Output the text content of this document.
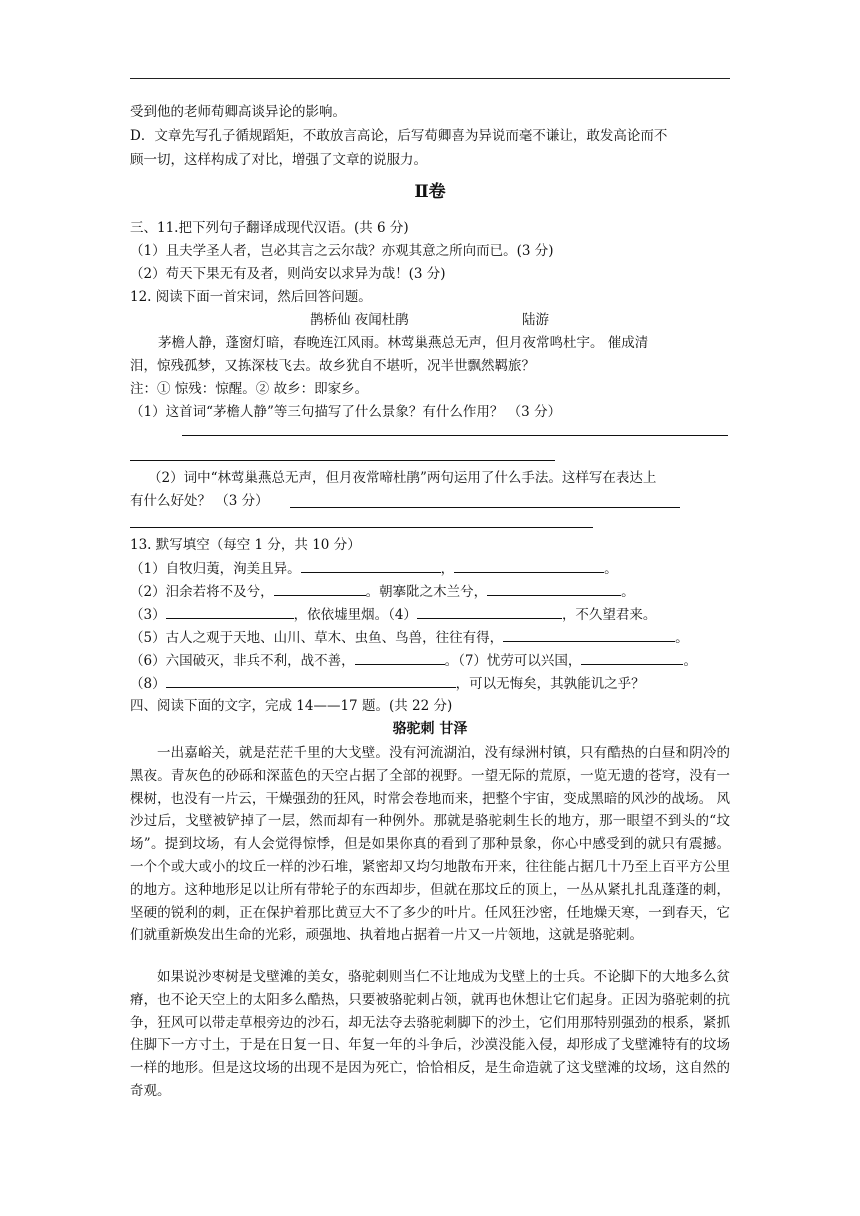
受到他的老师荀卿高谈异论的影响。
D．文章先写孔子循规蹈矩，不敢放言高论，后写荀卿喜为异说而毫不谦让，敢发高论而不
顾一切，这样构成了对比，增强了文章的说服力。
Ⅱ卷
三、11.把下列句子翻译成现代汉语。(共 6 分)
（1）且夫学圣人者，岂必其言之云尔哉？亦观其意之所向而已。(3 分)
（2）苟天下果无有及者，则尚安以求异为哉！(3 分)
12. 阅读下面一首宋词，然后回答问题。
鹊桥仙 夜闻杜鹃	陆游
茅檐人静，蓬窗灯暗，春晚连江风雨。林莺巢燕总无声，但月夜常鸣杜宇。 催成清
泪，惊残孤梦，又拣深枝飞去。故乡犹自不堪听，况半世飘然羁旅？
注：① 惊残：惊醒。② 故乡：即家乡。
（1）这首词“茅檐人静”等三句描写了什么景象？有什么作用？ （3 分）
（2）词中“林莺巢燕总无声，但月夜常啼杜鹃”两句运用了什么手法。这样写在表达上
有什么好处？ （3 分）
13. 默写填空（每空 1 分，共 10 分）
（1）自牧归荑，洵美且异。	，	。
（2）汨余若将不及兮，	。朝搴阰之木兰兮，	。
（3）	，依依墟里烟。（4）	，不久望君来。
（5）古人之观于天地、山川、草木、虫鱼、鸟兽，往往有得，	。
（6）六国破灭，非兵不利，战不善，	。（7）忧劳可以兴国，	。
（8）	，可以无悔矣，其孰能讥之乎？
四、阅读下面的文字，完成 14——17 题。(共 22 分)
骆驼刺 甘泽
一出嘉峪关，就是茫茫千里的大戈壁。没有河流湖泊，没有绿洲村镇，只有酷热的白昼和阴冷的黑夜。青灰色的砂砾和深蓝色的天空占据了全部的视野。一望无际的荒原，一览无遗的苍穹，没有一棵树，也没有一片云，干燥强劲的狂风，时常会卷地而来，把整个宇宙，变成黑暗的风沙的战场。 风沙过后，戈壁被铲掉了一层，然而却有一种例外。那就是骆驼刺生长的地方，那一眼望不到头的“坟场”。提到坟场，有人会觉得惊悸，但是如果你真的看到了那种景象，你心中感受到的就只有震撼。一个个或大或小的坟丘一样的沙石堆，紧密却又均匀地散布开来，往往能占据几十乃至上百平方公里的地方。这种地形足以让所有带轮子的东西却步，但就在那坟丘的顶上，一丛从紧扎扎乱蓬蓬的刺，坚硬的锐利的刺，正在保护着那比黄豆大不了多少的叶片。任风狂沙密，任地燥天寒，一到春天，它们就重新焕发出生命的光彩，顽强地、执着地占据着一片又一片领地，这就是骆驼刺。
如果说沙枣树是戈壁滩的美女，骆驼刺则当仁不让地成为戈壁上的士兵。不论脚下的大地多么贫瘠，也不论天空上的太阳多么酷热，只要被骆驼刺占领，就再也休想让它们起身。正因为骆驼刺的抗争，狂风可以带走草根旁边的沙石，却无法夺去骆驼刺脚下的沙土，它们用那特别强劲的根系，紧抓住脚下一方寸土，于是在日复一日、年复一年的斗争后，沙漠没能入侵，却形成了戈壁滩特有的坟场一样的地形。但是这坟场的出现不是因为死亡，恰恰相反，是生命造就了这戈壁滩的坟场，这自然的奇观。
